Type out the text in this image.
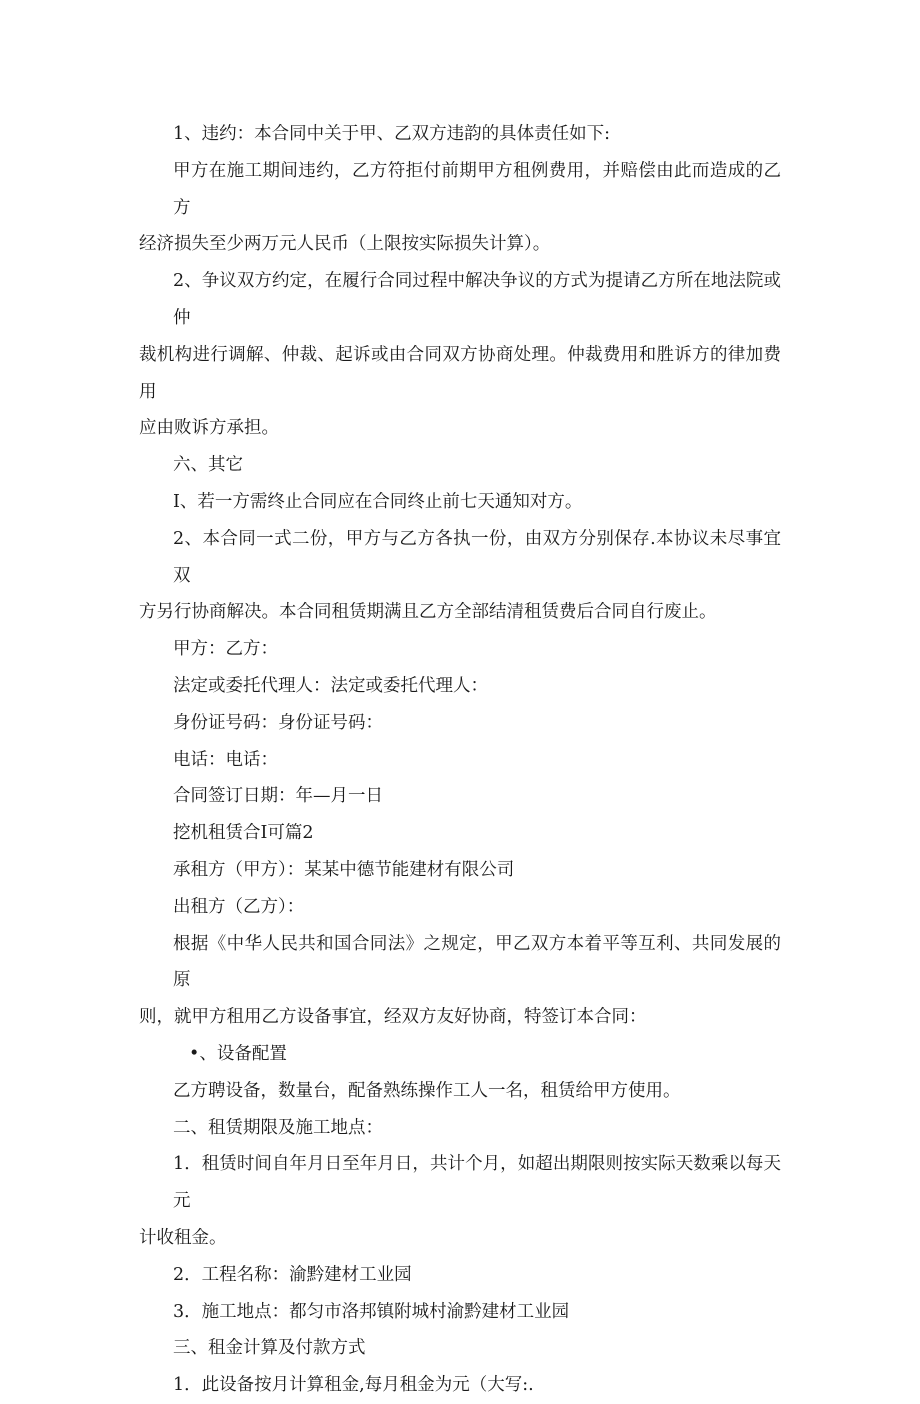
1、违约：本合同中关于甲、乙双方违韵的具体责任如下:

甲方在施工期间违约，乙方符拒付前期甲方租例费用，并赔偿由此而造成的乙方
经济损失至少两万元人民币（上限按实际损失计算）。
2、争议双方约定，在履行合同过程中解决争议的方式为提请乙方所在地法院或仲
裁机构进行调解、仲裁、起诉或由合同双方协商处理。仲裁费用和胜诉方的律加费用
应由败诉方承担。

六、其它

I、若一方需终止合同应在合同终止前七天通知对方。

2、本合同一式二份，甲方与乙方各执一份，由双方分别保存.本协议未尽事宜双
方另行协商解决。本合同租赁期满且乙方全部结清租赁费后合同自行废止。

甲方：乙方：

法定或委托代理人：法定或委托代理人：

身份证号码：身份证号码：

电话：电话：

合同签订日期：年—月一日

挖机租赁合I可篇2

承租方（甲方）：某某中德节能建材有限公司

出租方（乙方）：

根据《中华人民共和国合同法》之规定，甲乙双方本着平等互利、共同发展的原
则，就甲方租用乙方设备事宜，经双方友好协商，特签订本合同：

•、设备配置

乙方聘设备，数量台，配备熟练操作工人一名，租赁给甲方使用。

二、租赁期限及施工地点：

1．租赁时间自年月日至年月日，共计个月，如超出期限则按实际天数乘以每天元
计收租金。

2．工程名称：渝黔建材工业园

3．施工地点：都匀市洛邦镇附城村渝黔建材工业园

三、租金计算及付款方式

1．此设备按月计算租金,每月租金为元（大写:.
